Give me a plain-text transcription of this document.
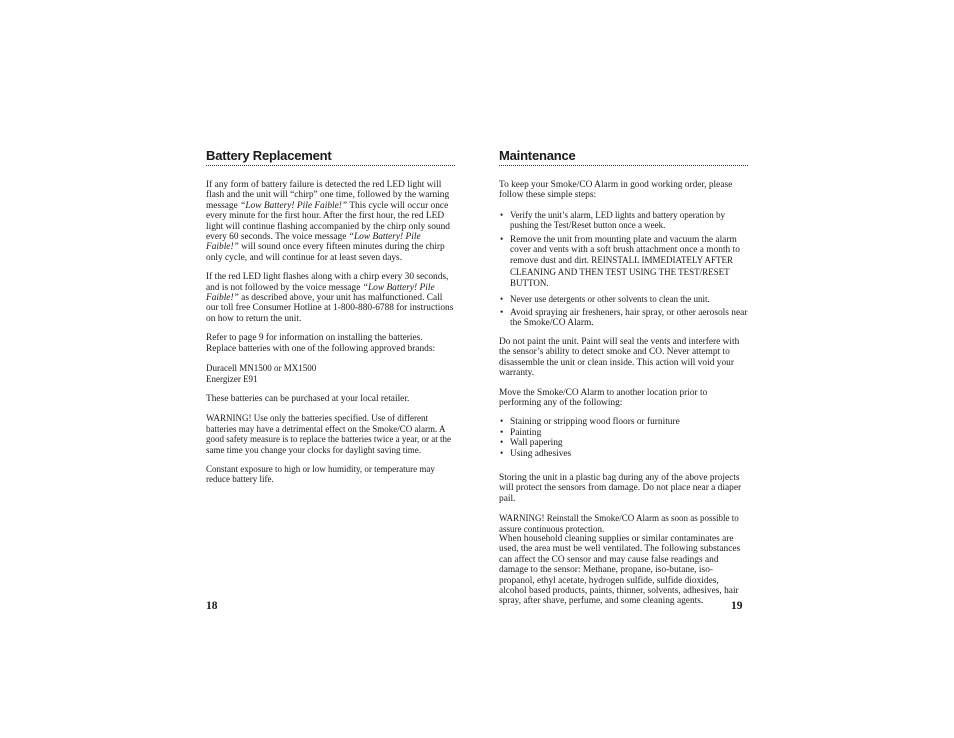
Battery Replacement

If any form of battery failure is detected the red LED light will flash and the unit will “chirp” one time, followed by the warning message “Low Battery! Pile Faible!” This cycle will occur once every minute for the first hour. After the first hour, the red LED light will continue flashing accompanied by the chirp only sound every 60 seconds. The voice message “Low Battery! Pile Faible!” will sound once every fifteen minutes during the chirp only cycle, and will continue for at least seven days.

If the red LED light flashes along with a chirp every 30 seconds, and is not followed by the voice message “Low Battery! Pile Faible!” as described above, your unit has malfunctioned. Call our toll free Consumer Hotline at 1-800-880-6788 for instructions on how to return the unit.

Refer to page 9 for information on installing the batteries. Replace batteries with one of the following approved brands:

Duracell MN1500 or MX1500
Energizer E91

These batteries can be purchased at your local retailer.

WARNING! Use only the batteries specified. Use of different batteries may have a detrimental effect on the Smoke/CO alarm. A good safety measure is to replace the batteries twice a year, or at the same time you change your clocks for daylight saving time.

Constant exposure to high or low humidity, or temperature may reduce battery life.

Maintenance

To keep your Smoke/CO Alarm in good working order, please follow these simple steps:

• Verify the unit’s alarm, LED lights and battery operation by pushing the Test/Reset button once a week.
• Remove the unit from mounting plate and vacuum the alarm cover and vents with a soft brush attachment once a month to remove dust and dirt. REINSTALL IMMEDIATELY AFTER CLEANING AND THEN TEST USING THE TEST/RESET BUTTON.
• Never use detergents or other solvents to clean the unit.
• Avoid spraying air fresheners, hair spray, or other aerosols near the Smoke/CO Alarm.

Do not paint the unit. Paint will seal the vents and interfere with the sensor’s ability to detect smoke and CO. Never attempt to disassemble the unit or clean inside. This action will void your warranty.

Move the Smoke/CO Alarm to another location prior to performing any of the following:

• Staining or stripping wood floors or furniture
• Painting
• Wall papering
• Using adhesives

Storing the unit in a plastic bag during any of the above projects will protect the sensors from damage. Do not place near a diaper pail.

WARNING! Reinstall the Smoke/CO Alarm as soon as possible to assure continuous protection.

When household cleaning supplies or similar contaminates are used, the area must be well ventilated. The following substances can affect the CO sensor and may cause false readings and damage to the sensor: Methane, propane, iso-butane, iso-propanol, ethyl acetate, hydrogen sulfide, sulfide dioxides, alcohol based products, paints, thinner, solvents, adhesives, hair spray, after shave, perfume, and some cleaning agents.

18	19
